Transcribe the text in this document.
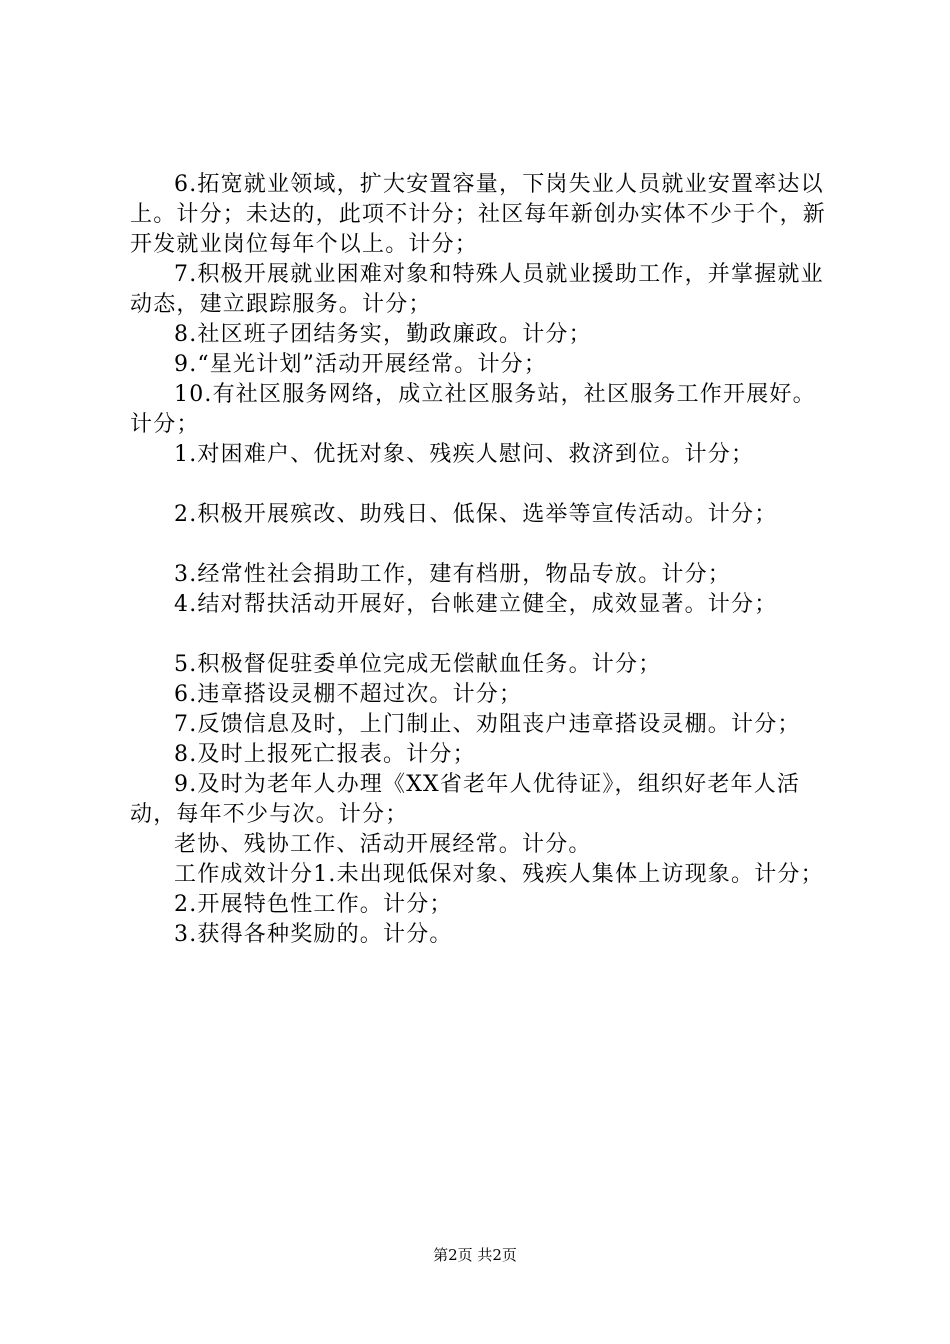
6.拓宽就业领域，扩大安置容量，下岗失业人员就业安置率达以上。计分；未达的，此项不计分；社区每年新创办实体不少于个，新开发就业岗位每年个以上。计分；

7.积极开展就业困难对象和特殊人员就业援助工作，并掌握就业动态，建立跟踪服务。计分；

8.社区班子团结务实，勤政廉政。计分；

9.“星光计划”活动开展经常。计分；

10.有社区服务网络，成立社区服务站，社区服务工作开展好。计分；

1.对困难户、优抚对象、残疾人慰问、救济到位。计分；

2.积极开展殡改、助残日、低保、选举等宣传活动。计分；

3.经常性社会捐助工作，建有档册，物品专放。计分；

4.结对帮扶活动开展好，台帐建立健全，成效显著。计分；

5.积极督促驻委单位完成无偿献血任务。计分；

6.违章搭设灵棚不超过次。计分；

7.反馈信息及时，上门制止、劝阻丧户违章搭设灵棚。计分；

8.及时上报死亡报表。计分；

9.及时为老年人办理《XX省老年人优待证》，组织好老年人活动，每年不少与次。计分；

老协、残协工作、活动开展经常。计分。

工作成效计分1.未出现低保对象、残疾人集体上访现象。计分；

2.开展特色性工作。计分；

3.获得各种奖励的。计分。

第2页 共2页
